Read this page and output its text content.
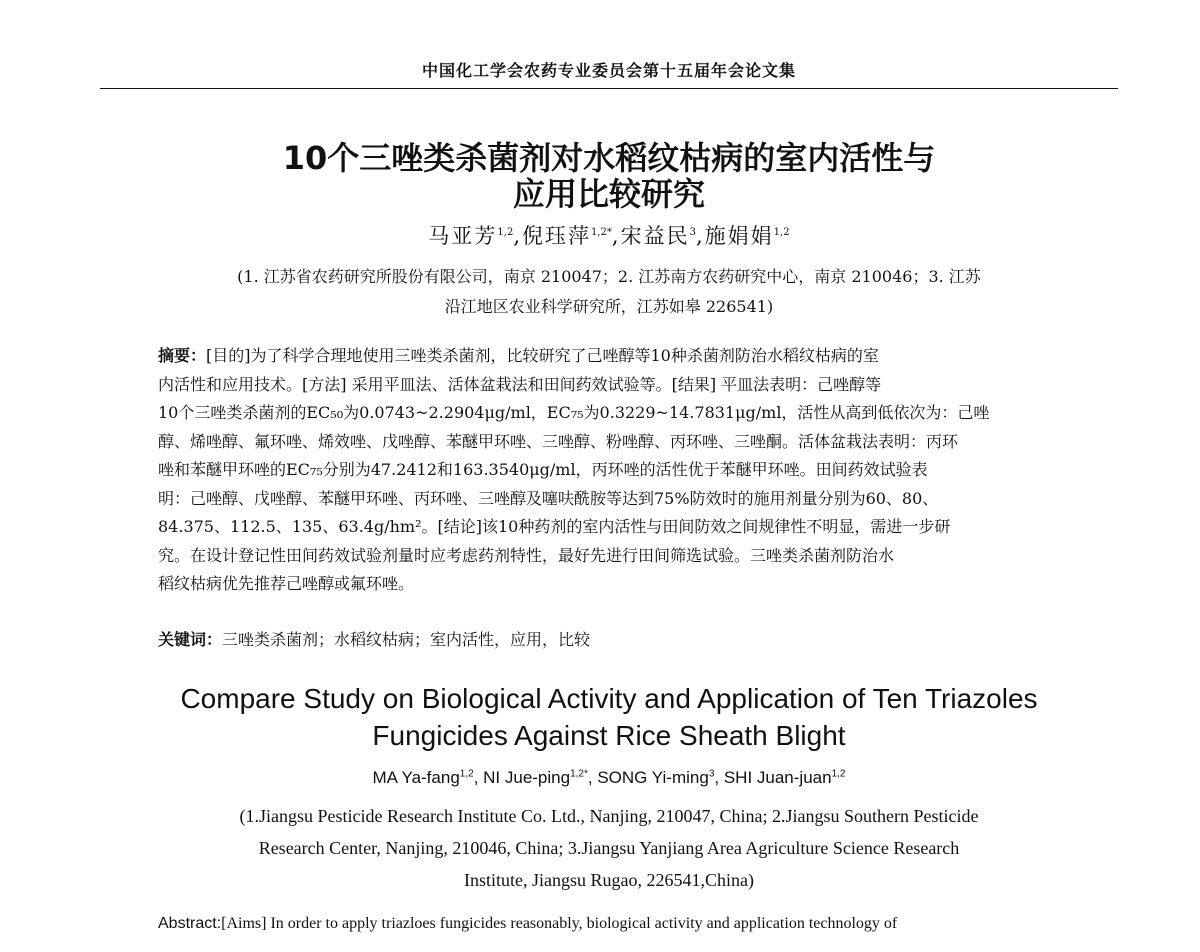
中国化工学会农药专业委员会第十五届年会论文集
10个三唑类杀菌剂对水稻纹枯病的室内活性与
应用比较研究
马亚芳$^{1,2}$,倪珏萍$^{1,2*}$,宋益民$^3$,施娟娟$^{1,2}$
(1. 江苏省农药研究所股份有限公司，南京 210047；2. 江苏南方农药研究中心，南京 210046；3. 江苏
沿江地区农业科学研究所，江苏如皋 226541)
摘要：[目的]为了科学合理地使用三唑类杀菌剂，比较研究了己唑醇等10种杀菌剂防治水稻纹枯病的室
内活性和应用技术。[方法] 采用平皿法、活体盆栽法和田间药效试验等。[结果] 平皿法表明：己唑醇等
10个三唑类杀菌剂的EC₅₀为0.0743~2.2904μg/ml，EC₇₅为0.3229~14.7831μg/ml，活性从高到低依次为：己唑
醇、烯唑醇、氟环唑、烯效唑、戊唑醇、苯醚甲环唑、三唑醇、粉唑醇、丙环唑、三唑酮。活体盆栽法表明：丙环
唑和苯醚甲环唑的EC₇₅分别为47.2412和163.3540μg/ml，丙环唑的活性优于苯醚甲环唑。田间药效试验表
明：己唑醇、戊唑醇、苯醚甲环唑、丙环唑、三唑醇及噻呋酰胺等达到75%防效时的施用剂量分别为60、80、
84.375、112.5、135、63.4g/hm²。[结论]该10种药剂的室内活性与田间防效之间规律性不明显，需进一步研
究。在设计登记性田间药效试验剂量时应考虑药剂特性，最好先进行田间筛选试验。三唑类杀菌剂防治水
稻纹枯病优先推荐己唑醇或氟环唑。
关键词：三唑类杀菌剂；水稻纹枯病；室内活性，应用，比较
Compare Study on Biological Activity and Application of Ten Triazoles
Fungicides Against Rice Sheath Blight
MA Ya-fang$^{1,2}$, NI Jue-ping$^{1,2*}$, SONG Yi-ming$^3$, SHI Juan-juan$^{1,2}$
(1.Jiangsu Pesticide Research Institute Co. Ltd., Nanjing, 210047, China; 2.Jiangsu Southern Pesticide
Research Center, Nanjing, 210046, China; 3.Jiangsu Yanjiang Area Agriculture Science Research
Institute, Jiangsu Rugao, 226541,China)
Abstract:[Aims] In order to apply triazloes fungicides reasonably, biological activity and application technology of
